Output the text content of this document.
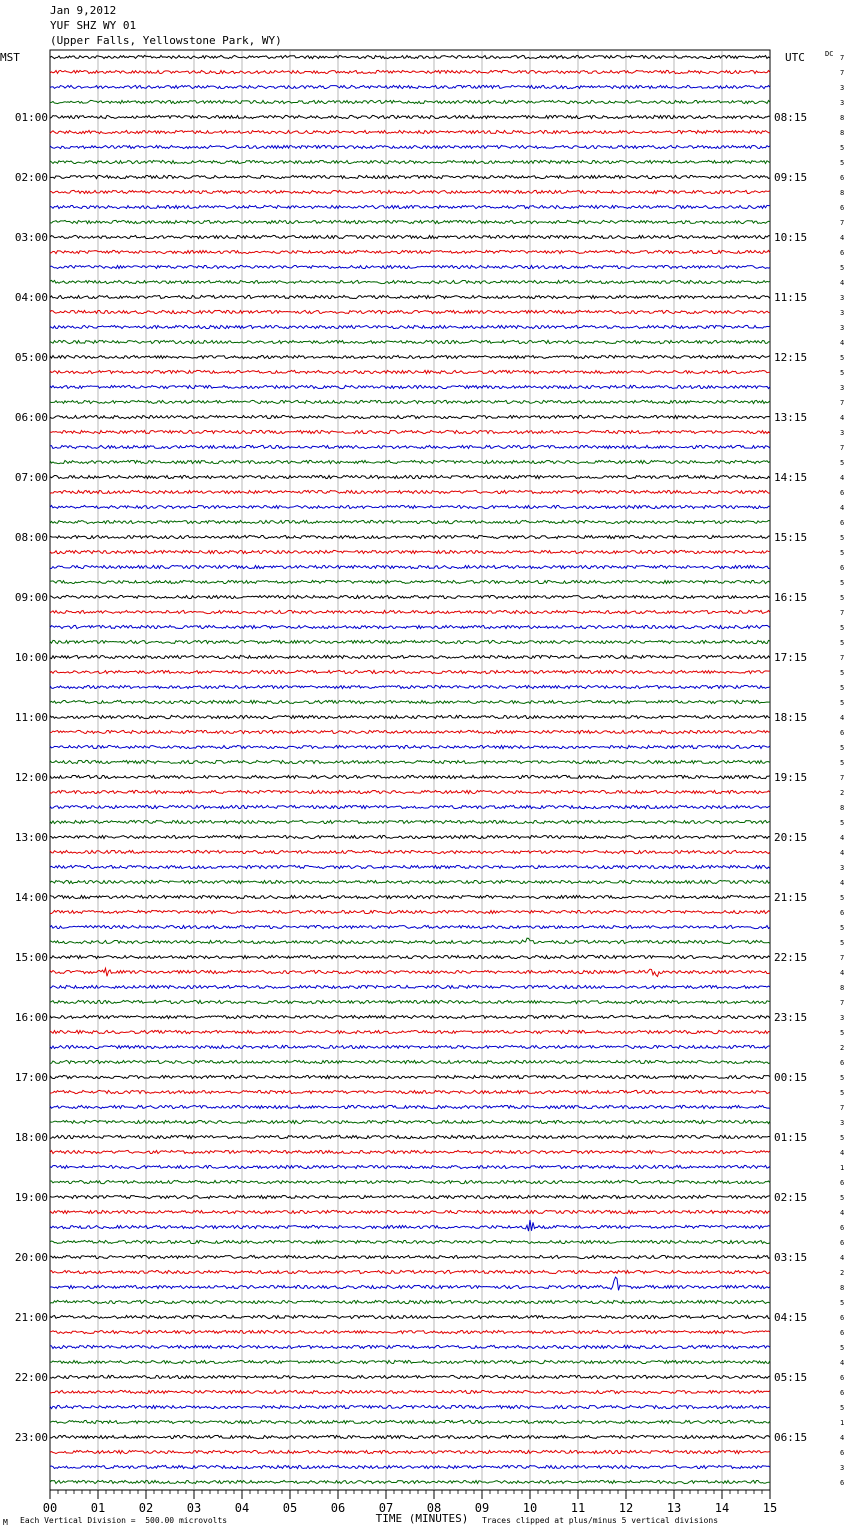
Jan 9,2012
YUF SHZ WY 01
(Upper Falls, Yellowstone Park, WY)
00	01	02	03	04	05	06	07	08	09	10	11	12	13	14	15
7
7
3
3
8
8
5
5
6
8
6
7
4
6
5
4
3
3
3
4
5
5
3
7
4
3
7
5
4
6
4
6
5
5
6
5
5
7
5
5
7
5
5
5
4
6
5
5
7
2
8
5
4
4
3
4
5
6
5
5
7
4
8
7
3
5
2
6
5
5
7
3
5
4
1
6
5
4
6
6
4
2
8
5
6
6
5
4
6
6
5
1
4
6
3
6
MST	UTC	DC
01:00
02:00
03:00
04:00
05:00
06:00
07:00
08:00
09:00
10:00
11:00
12:00
13:00
14:00
15:00
16:00
17:00
18:00
19:00
20:00
21:00
22:00
23:00
08:15
09:15
10:15
11:15
12:15
13:15
14:15
15:15
16:15
17:15
18:15
19:15
20:15
21:15
22:15
23:15
00:15
01:15
02:15
03:15
04:15
05:15
06:15
TIME (MINUTES)
M Each Vertical Division =  500.00 microvolts	Traces clipped at plus/minus 5 vertical divisions
